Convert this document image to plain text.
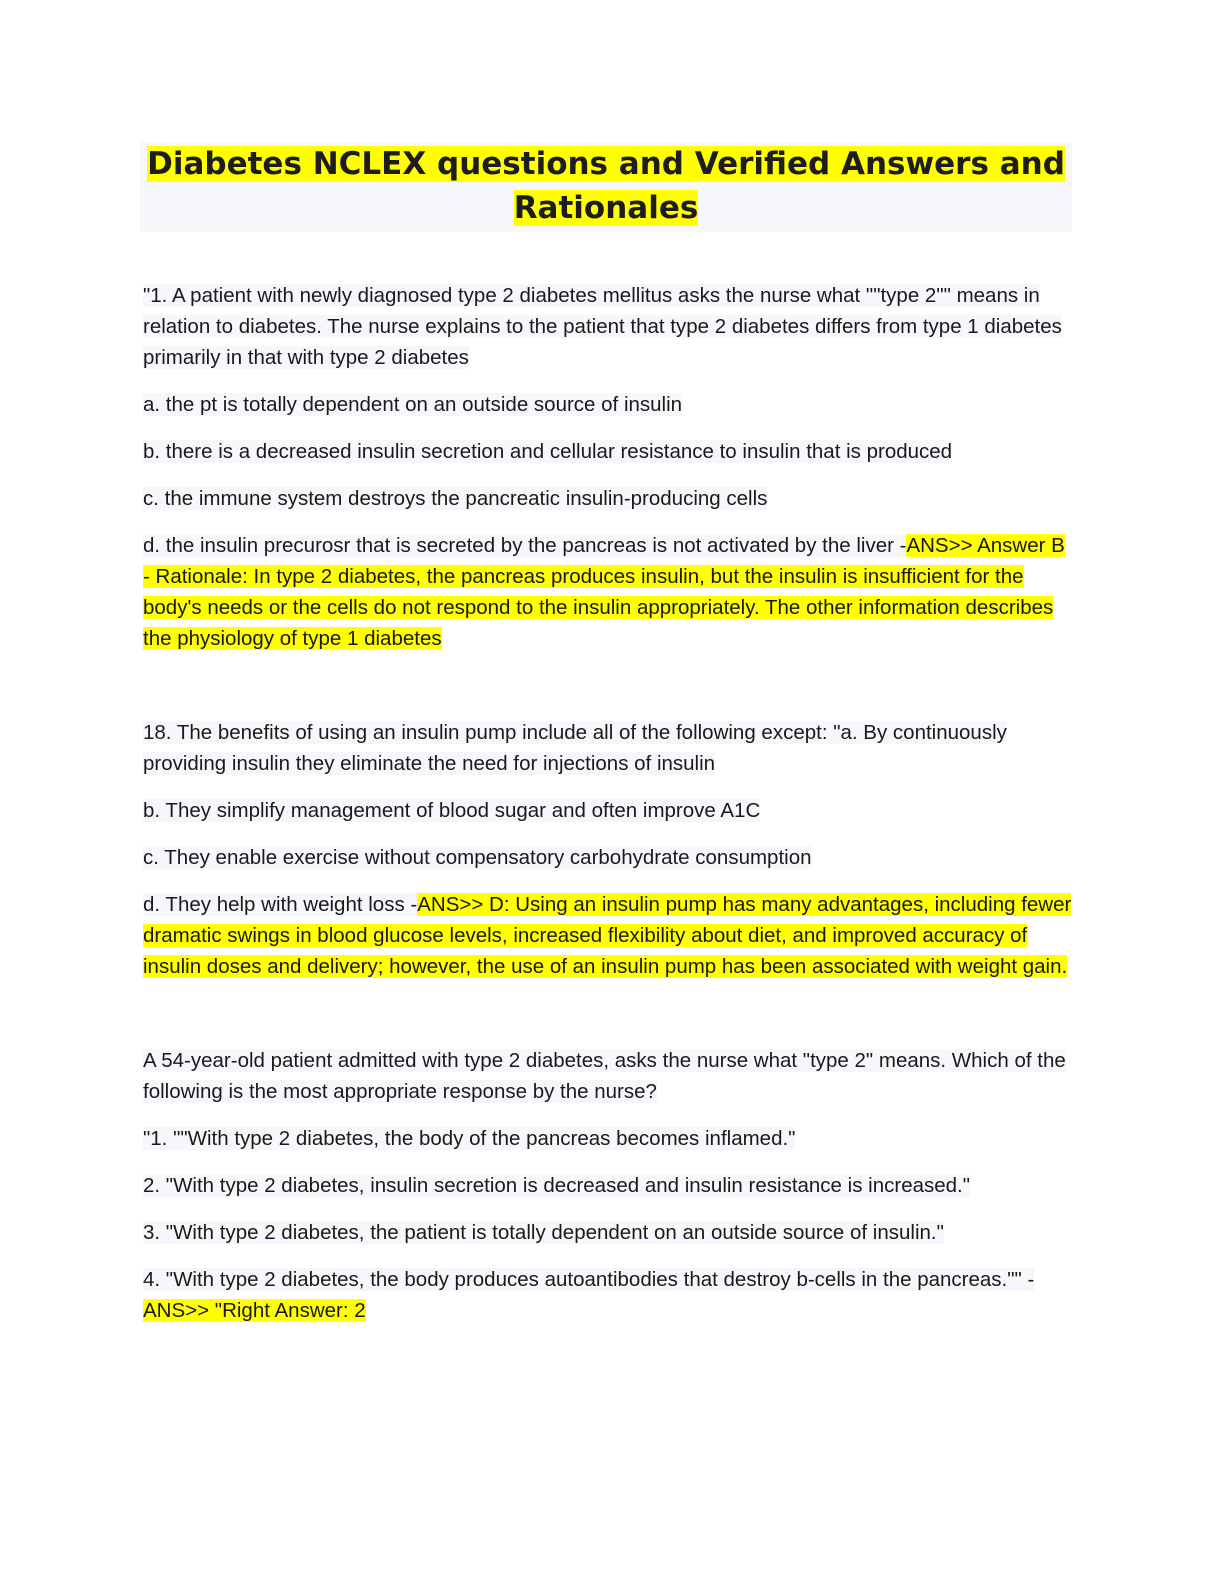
Diabetes NCLEX questions and Verified Answers and
Rationales

"1. A patient with newly diagnosed type 2 diabetes mellitus asks the nurse what ""type 2"" means in relation to diabetes. The nurse explains to the patient that type 2 diabetes differs from type 1 diabetes primarily in that with type 2 diabetes

a. the pt is totally dependent on an outside source of insulin

b. there is a decreased insulin secretion and cellular resistance to insulin that is produced

c. the immune system destroys the pancreatic insulin-producing cells

d. the insulin precurosr that is secreted by the pancreas is not activated by the liver -ANS>> Answer B - Rationale: In type 2 diabetes, the pancreas produces insulin, but the insulin is insufficient for the body's needs or the cells do not respond to the insulin appropriately. The other information describes the physiology of type 1 diabetes

18. The benefits of using an insulin pump include all of the following except: "a. By continuously providing insulin they eliminate the need for injections of insulin

b. They simplify management of blood sugar and often improve A1C

c. They enable exercise without compensatory carbohydrate consumption

d. They help with weight loss -ANS>> D: Using an insulin pump has many advantages, including fewer dramatic swings in blood glucose levels, increased flexibility about diet, and improved accuracy of insulin doses and delivery; however, the use of an insulin pump has been associated with weight gain.

A 54-year-old patient admitted with type 2 diabetes, asks the nurse what "type 2" means. Which of the following is the most appropriate response by the nurse?

"1. ""With type 2 diabetes, the body of the pancreas becomes inflamed."

2. "With type 2 diabetes, insulin secretion is decreased and insulin resistance is increased."

3. "With type 2 diabetes, the patient is totally dependent on an outside source of insulin."

4. "With type 2 diabetes, the body produces autoantibodies that destroy b-cells in the pancreas."" -ANS>> "Right Answer: 2
